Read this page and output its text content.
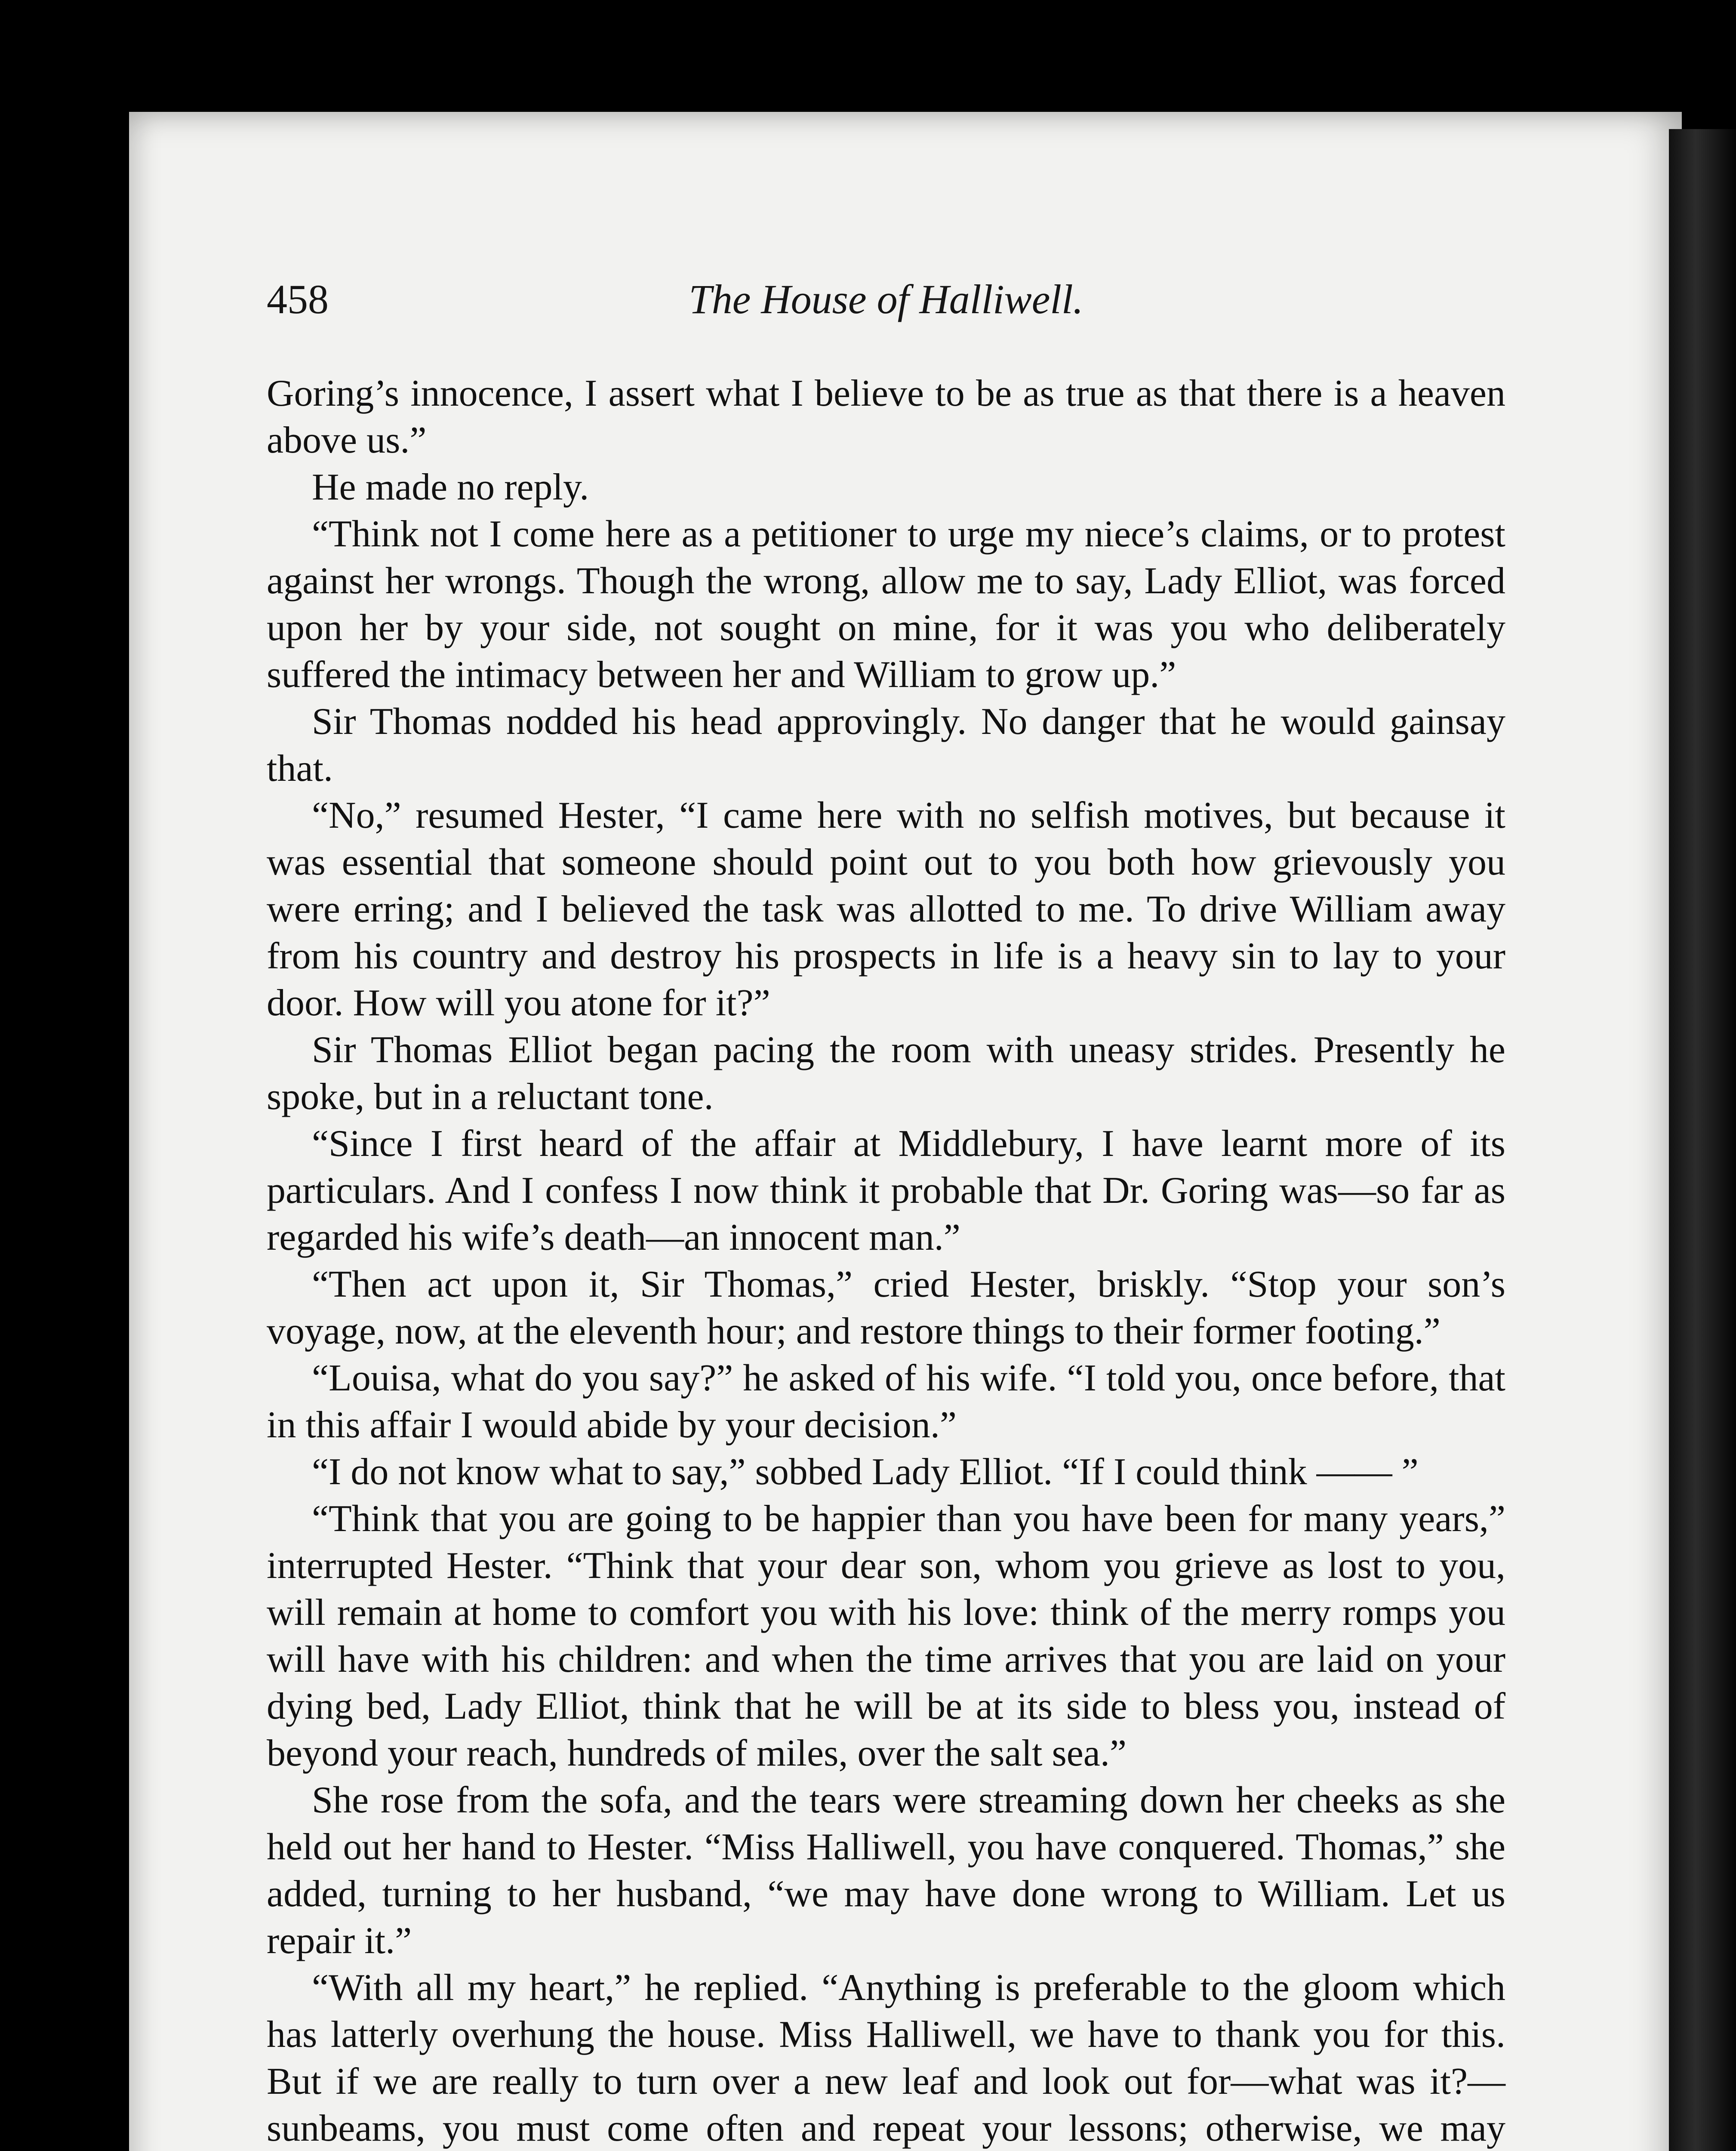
458	The House of Halliwell.

Goring’s innocence, I assert what I believe to be as true as that there is a heaven above us.”

He made no reply.

“Think not I come here as a petitioner to urge my niece’s claims, or to protest against her wrongs. Though the wrong, allow me to say, Lady Elliot, was forced upon her by your side, not sought on mine, for it was you who deliberately suffered the intimacy between her and William to grow up.”

Sir Thomas nodded his head approvingly. No danger that he would gainsay that.

“No,” resumed Hester, “I came here with no selfish motives, but because it was essential that someone should point out to you both how grievously you were erring; and I believed the task was allotted to me. To drive William away from his country and destroy his prospects in life is a heavy sin to lay to your door. How will you atone for it?”

Sir Thomas Elliot began pacing the room with uneasy strides. Presently he spoke, but in a reluctant tone.

“Since I first heard of the affair at Middlebury, I have learnt more of its particulars. And I confess I now think it probable that Dr. Goring was—so far as regarded his wife’s death—an innocent man.”

“Then act upon it, Sir Thomas,” cried Hester, briskly. “Stop your son’s voyage, now, at the eleventh hour; and restore things to their former footing.”

“Louisa, what do you say?” he asked of his wife. “I told you, once before, that in this affair I would abide by your decision.”

“I do not know what to say,” sobbed Lady Elliot. “If I could think —— ”

“Think that you are going to be happier than you have been for many years,” interrupted Hester. “Think that your dear son, whom you grieve as lost to you, will remain at home to comfort you with his love: think of the merry romps you will have with his children: and when the time arrives that you are laid on your dying bed, Lady Elliot, think that he will be at its side to bless you, instead of beyond your reach, hundreds of miles, over the salt sea.”

She rose from the sofa, and the tears were streaming down her cheeks as she held out her hand to Hester. “Miss Halliwell, you have conquered. Thomas,” she added, turning to her husband, “we may have done wrong to William. Let us repair it.”

“With all my heart,” he replied. “Anything is preferable to the gloom which has latterly overhung the house. Miss Halliwell, we have to thank you for this. But if we are really to turn over a new leaf and look out for—what was it?—sunbeams, you must come often and repeat your lessons; otherwise, we may
